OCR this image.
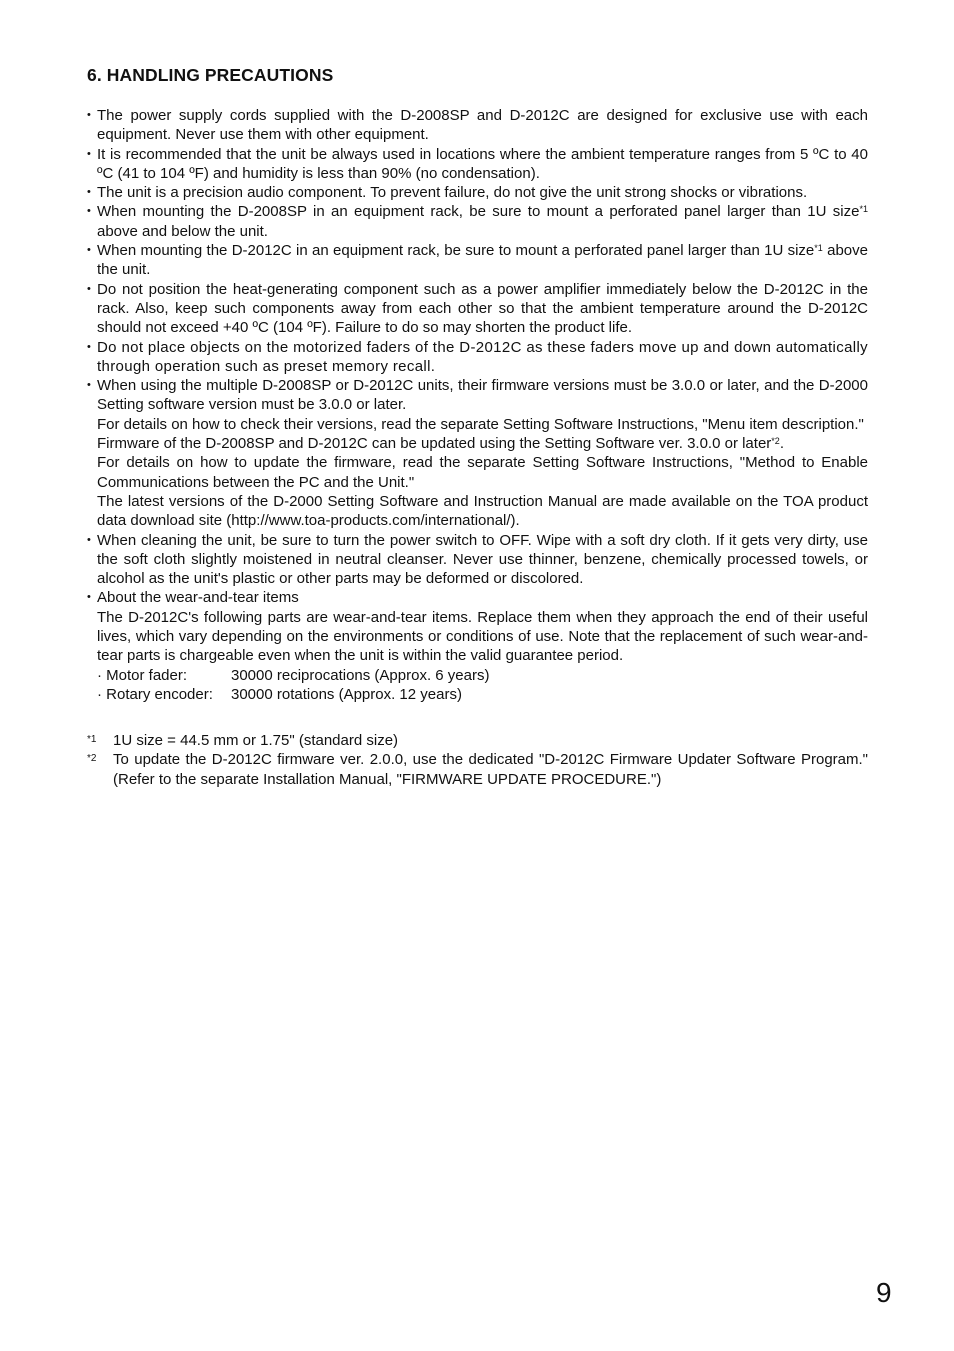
6. HANDLING PRECAUTIONS
• The power supply cords supplied with the D-2008SP and D-2012C are designed for exclusive use with each equipment. Never use them with other equipment.

• It is recommended that the unit be always used in locations where the ambient temperature ranges from 5 ºC to 40 ºC (41 to 104 ºF) and humidity is less than 90% (no condensation).

• The unit is a precision audio component. To prevent failure, do not give the unit strong shocks or vibrations.

• When mounting the D-2008SP in an equipment rack, be sure to mount a perforated panel larger than 1U size$^{*1}$ above and below the unit.

• When mounting the D-2012C in an equipment rack, be sure to mount a perforated panel larger than 1U size$^{*1}$ above the unit.

• Do not position the heat-generating component such as a power amplifier immediately below the D-2012C in the rack. Also, keep such components away from each other so that the ambient temperature around the D-2012C should not exceed +40 ºC (104 ºF). Failure to do so may shorten the product life.

• Do not place objects on the motorized faders of the D-2012C as these faders move up and down automatically through operation such as preset memory recall.

• When using the multiple D-2008SP or D-2012C units, their firmware versions must be 3.0.0 or later, and the D-2000 Setting software version must be 3.0.0 or later.

For details on how to check their versions, read the separate Setting Software Instructions, "Menu item description."

Firmware of the D-2008SP and D-2012C can be updated using the Setting Software ver. 3.0.0 or later$^{*2}$.

For details on how to update the firmware, read the separate Setting Software Instructions, "Method to Enable Communications between the PC and the Unit."

The latest versions of the D-2000 Setting Software and Instruction Manual are made available on the TOA product data download site (http://www.toa-products.com/international/).

• When cleaning the unit, be sure to turn the power switch to OFF. Wipe with a soft dry cloth. If it gets very dirty, use the soft cloth slightly moistened in neutral cleanser. Never use thinner, benzene, chemically processed towels, or alcohol as the unit's plastic or other parts may be deformed or discolored.

• About the wear-and-tear items

The D-2012C's following parts are wear-and-tear items. Replace them when they approach the end of their useful lives, which vary depending on the environments or conditions of use. Note that the replacement of such wear-and-tear parts is chargeable even when the unit is within the valid guarantee period.

· Motor fader:	30000 reciprocations (Approx. 6 years)
· Rotary encoder:	30000 rotations (Approx. 12 years)
*1	1U size = 44.5 mm or 1.75" (standard size)
*2	To update the D-2012C firmware ver. 2.0.0, use the dedicated "D-2012C Firmware Updater Software Program." (Refer to the separate Installation Manual, "FIRMWARE UPDATE PROCEDURE.")
9
